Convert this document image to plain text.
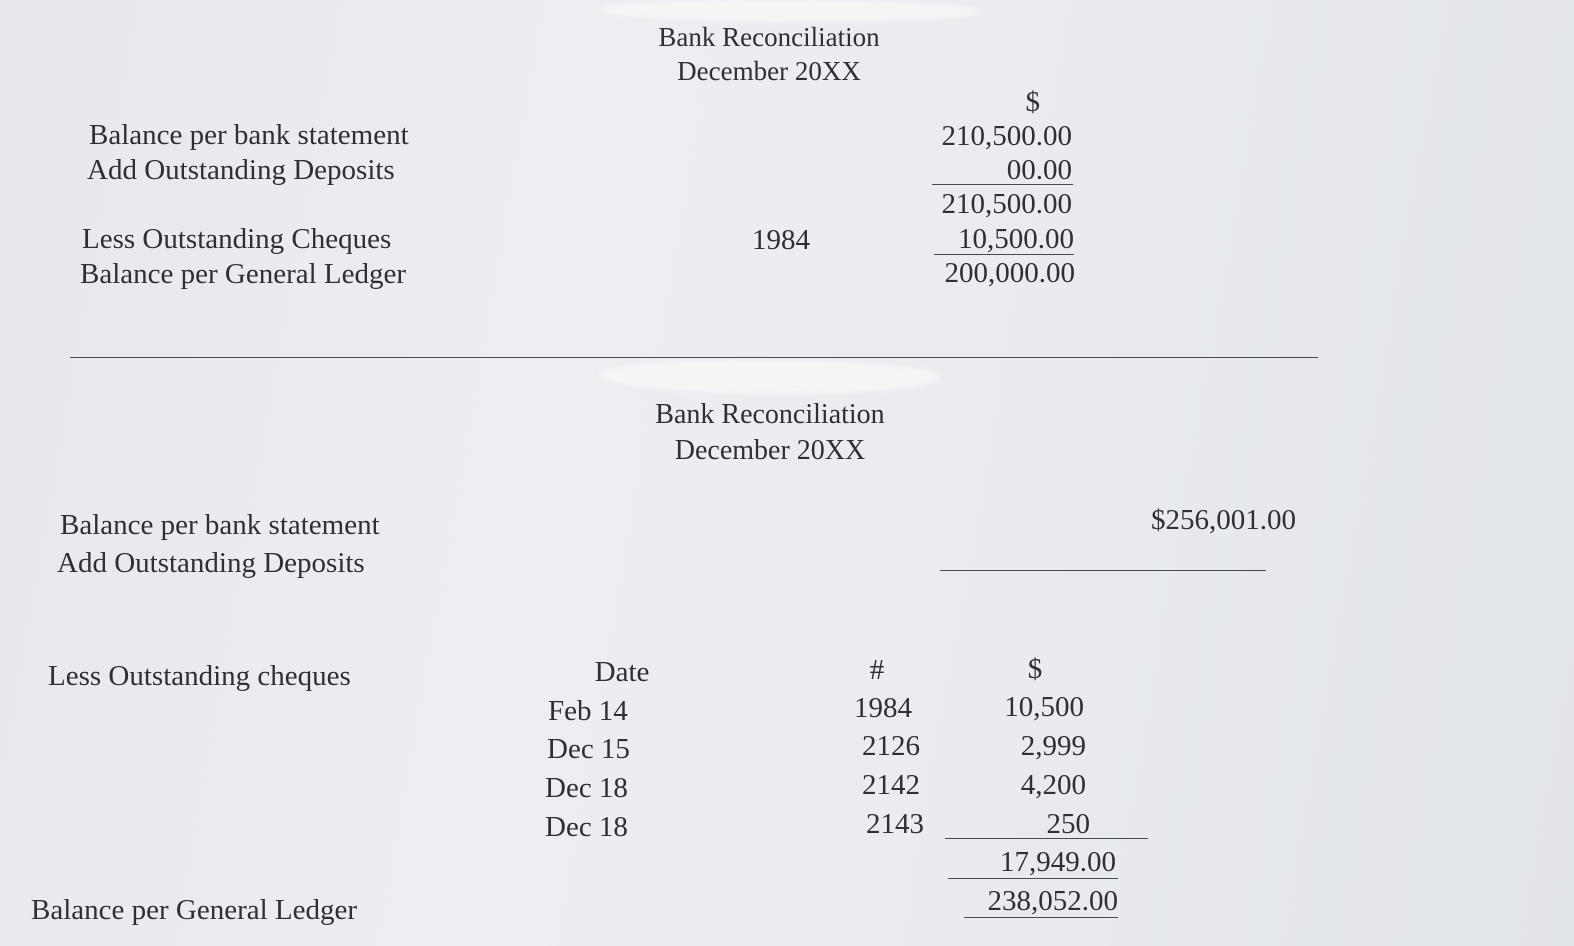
Bank Reconciliation
December 20XX
$
Balance per bank statement	210,500.00
Add Outstanding Deposits	00.00
210,500.00
Less Outstanding Cheques	1984	10,500.00
Balance per General Ledger	200,000.00
Bank Reconciliation
December 20XX
Balance per bank statement	$256,001.00
Add Outstanding Deposits
Less Outstanding cheques	Date	#	$
Feb 14	1984	10,500
Dec 15	2126	2,999
Dec 18	2142	4,200
Dec 18	2143	250
17,949.00
Balance per General Ledger	238,052.00
